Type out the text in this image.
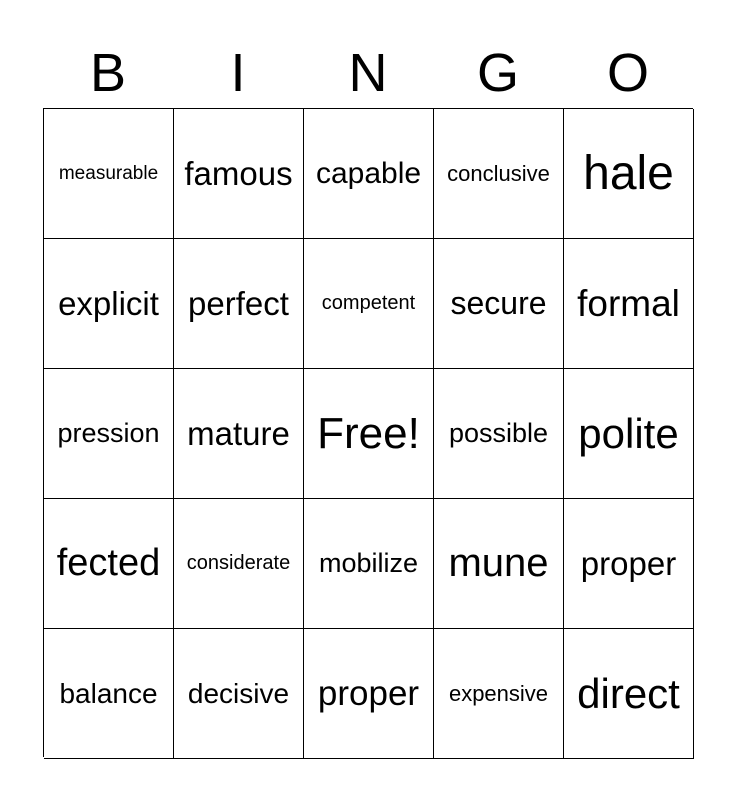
B	I	N	G	O
measurable famous capable conclusive hale
explicit perfect competent secure formal
pression mature Free! possible polite
fected considerate mobilize mune proper
balance decisive proper expensive direct
